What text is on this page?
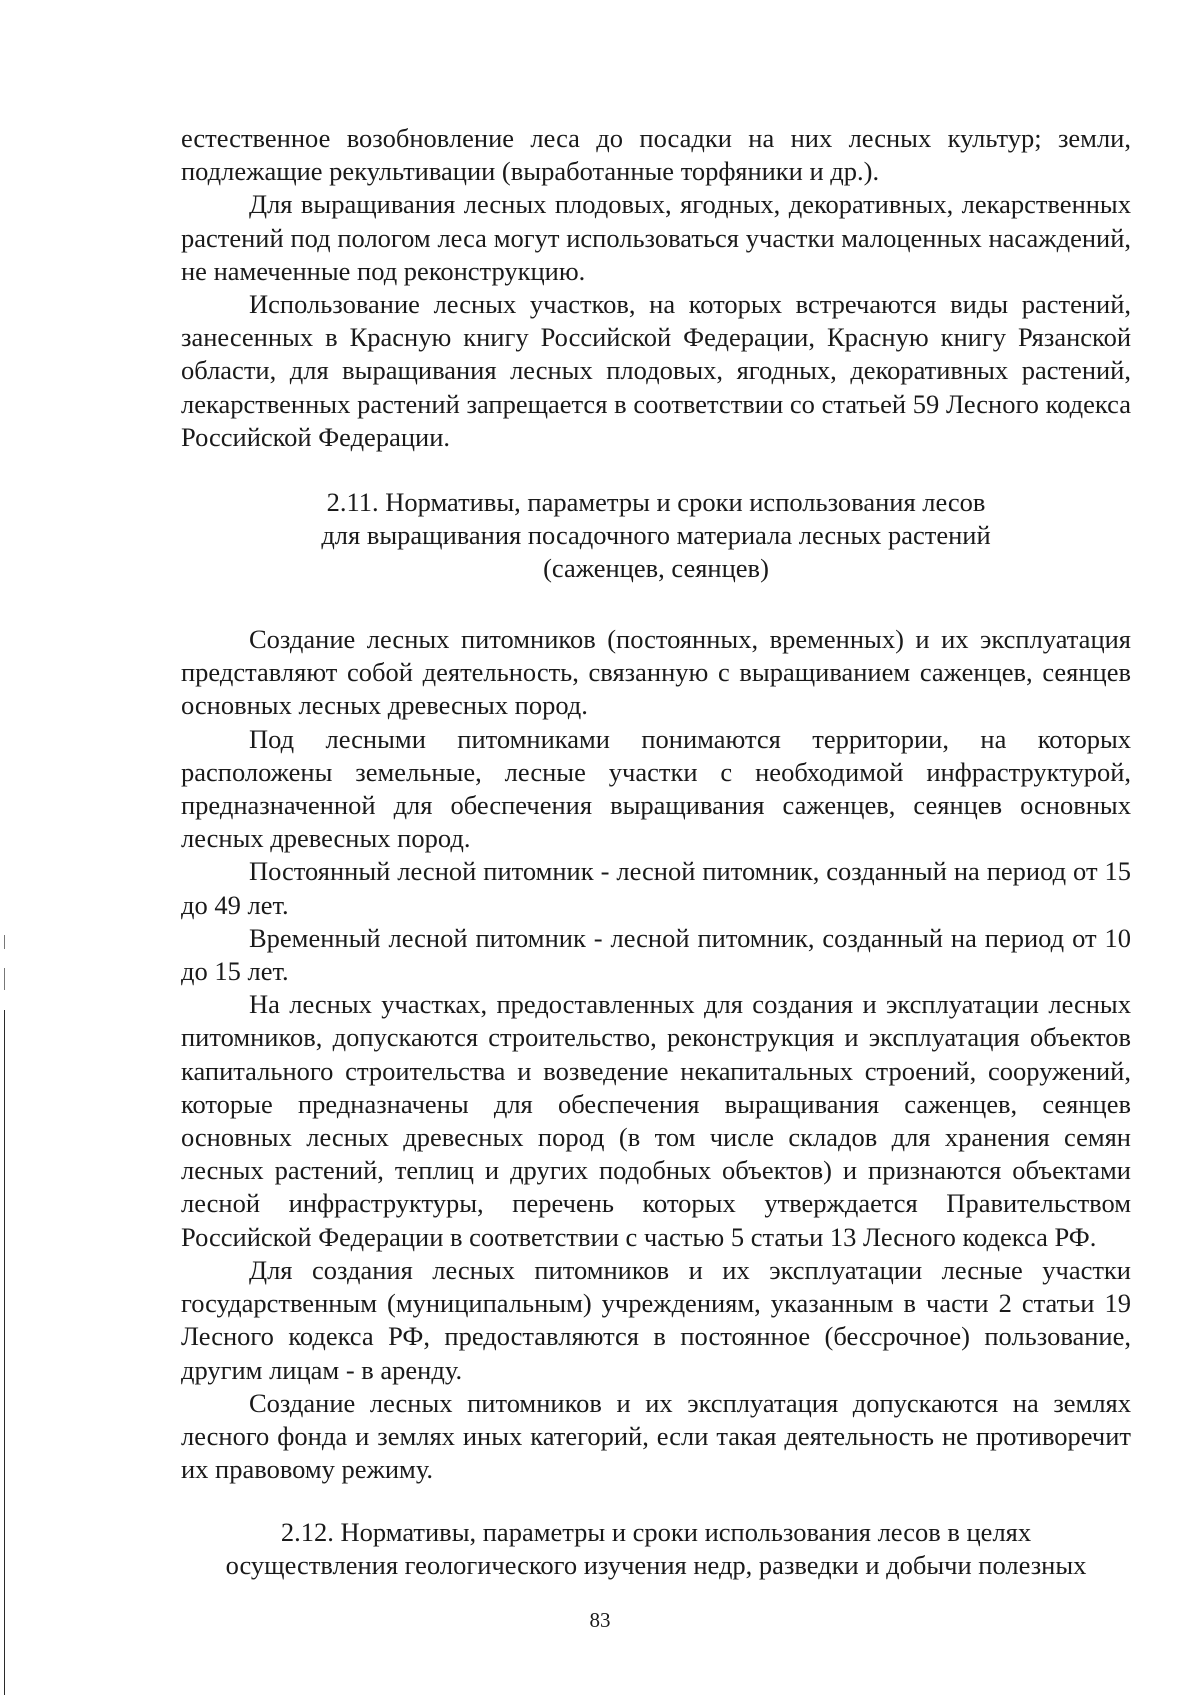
естественное возобновление леса до посадки на них лесных культур; земли, подлежащие рекультивации (выработанные торфяники и др.).

Для выращивания лесных плодовых, ягодных, декоративных, лекарственных растений под пологом леса могут использоваться участки малоценных насаждений, не намеченные под реконструкцию.

Использование лесных участков, на которых встречаются виды растений, занесенных в Красную книгу Российской Федерации, Красную книгу Рязанской области, для выращивания лесных плодовых, ягодных, декоративных растений, лекарственных растений запрещается в соответствии со статьей 59 Лесного кодекса Российской Федерации.

2.11. Нормативы, параметры и сроки использования лесов

для выращивания посадочного материала лесных растений

(саженцев, сеянцев)

Создание лесных питомников (постоянных, временных) и их эксплуатация представляют собой деятельность, связанную с выращиванием саженцев, сеянцев основных лесных древесных пород.

Под лесными питомниками понимаются территории, на которых расположены земельные, лесные участки с необходимой инфраструктурой, предназначенной для обеспечения выращивания саженцев, сеянцев основных лесных древесных пород.

Постоянный лесной питомник - лесной питомник, созданный на период от 15 до 49 лет.

Временный лесной питомник - лесной питомник, созданный на период от 10 до 15 лет.

На лесных участках, предоставленных для создания и эксплуатации лесных питомников, допускаются строительство, реконструкция и эксплуатация объектов капитального строительства и возведение некапитальных строений, сооружений, которые предназначены для обеспечения выращивания саженцев, сеянцев основных лесных древесных пород (в том числе складов для хранения семян лесных растений, теплиц и других подобных объектов) и признаются объектами лесной инфраструктуры, перечень которых утверждается Правительством Российской Федерации в соответствии с частью 5 статьи 13 Лесного кодекса РФ.

Для создания лесных питомников и их эксплуатации лесные участки государственным (муниципальным) учреждениям, указанным в части 2 статьи 19 Лесного кодекса РФ, предоставляются в постоянное (бессрочное) пользование, другим лицам - в аренду.

Создание лесных питомников и их эксплуатация допускаются на землях лесного фонда и землях иных категорий, если такая деятельность не противоречит их правовому режиму.

2.12. Нормативы, параметры и сроки использования лесов в целях

осуществления геологического изучения недр, разведки и добычи полезных

83
